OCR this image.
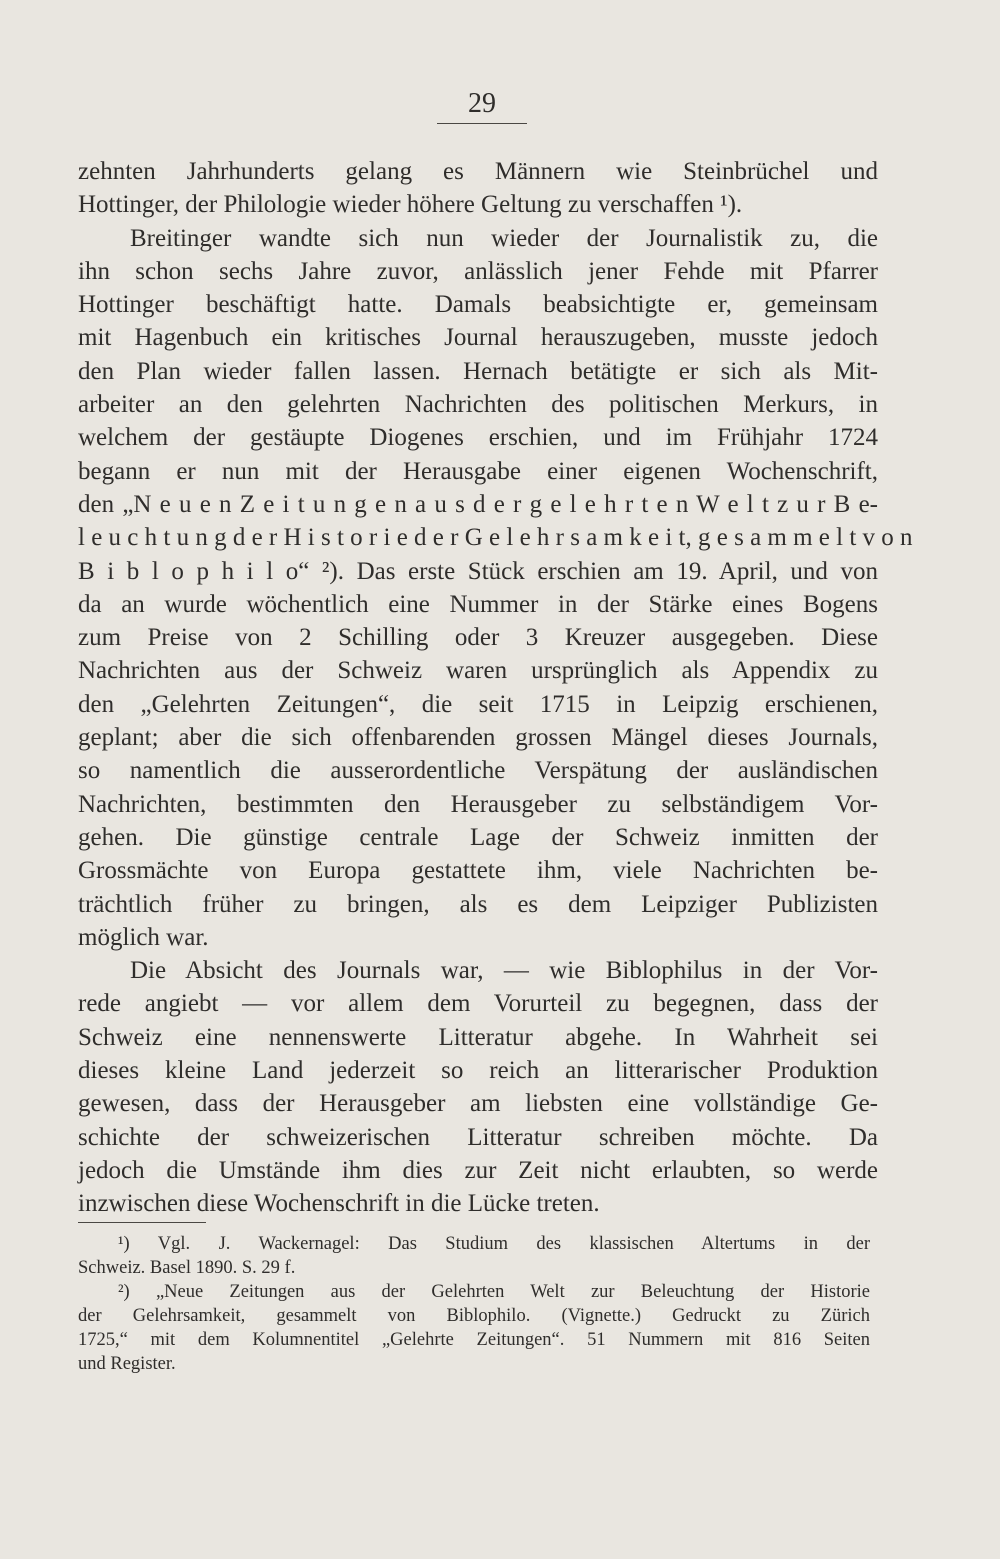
29
zehnten Jahrhunderts gelang es Männern wie Steinbrüchel und
Hottinger, der Philologie wieder höhere Geltung zu verschaffen ¹).
Breitinger wandte sich nun wieder der Journalistik zu, die
ihn schon sechs Jahre zuvor, anlässlich jener Fehde mit Pfarrer
Hottinger beschäftigt hatte. Damals beabsichtigte er, gemeinsam
mit Hagenbuch ein kritisches Journal herauszugeben, musste jedoch
den Plan wieder fallen lassen. Hernach betätigte er sich als Mit-
arbeiter an den gelehrten Nachrichten des politischen Merkurs, in
welchem der gestäupte Diogenes erschien, und im Frühjahr 1724
begann er nun mit der Herausgabe einer eigenen Wochenschrift,
den „N e u e n Z e i t u n g e n a u s d e r g e l e h r t e n W e l t z u r B e-
l e u c h t u n g d e r H i s t o r i e d e r G e l e h r s a m k e i t, g e s a m m e l t v o n
B i b l o p h i l o“ ²). Das erste Stück erschien am 19. April, und von
da an wurde wöchentlich eine Nummer in der Stärke eines Bogens
zum Preise von 2 Schilling oder 3 Kreuzer ausgegeben. Diese
Nachrichten aus der Schweiz waren ursprünglich als Appendix zu
den „Gelehrten Zeitungen“, die seit 1715 in Leipzig erschienen,
geplant; aber die sich offenbarenden grossen Mängel dieses Journals,
so namentlich die ausserordentliche Verspätung der ausländischen
Nachrichten, bestimmten den Herausgeber zu selbständigem Vor-
gehen. Die günstige centrale Lage der Schweiz inmitten der
Grossmächte von Europa gestattete ihm, viele Nachrichten be-
trächtlich früher zu bringen, als es dem Leipziger Publizisten
möglich war.
Die Absicht des Journals war, — wie Biblophilus in der Vor-
rede angiebt — vor allem dem Vorurteil zu begegnen, dass der
Schweiz eine nennenswerte Litteratur abgehe. In Wahrheit sei
dieses kleine Land jederzeit so reich an litterarischer Produktion
gewesen, dass der Herausgeber am liebsten eine vollständige Ge-
schichte der schweizerischen Litteratur schreiben möchte. Da
jedoch die Umstände ihm dies zur Zeit nicht erlaubten, so werde
inzwischen diese Wochenschrift in die Lücke treten.
¹) Vgl. J. Wackernagel: Das Studium des klassischen Altertums in der
Schweiz. Basel 1890. S. 29 f.
²) „Neue Zeitungen aus der Gelehrten Welt zur Beleuchtung der Historie
der Gelehrsamkeit, gesammelt von Biblophilo. (Vignette.) Gedruckt zu Zürich
1725,“ mit dem Kolumnentitel „Gelehrte Zeitungen“. 51 Nummern mit 816 Seiten
und Register.
